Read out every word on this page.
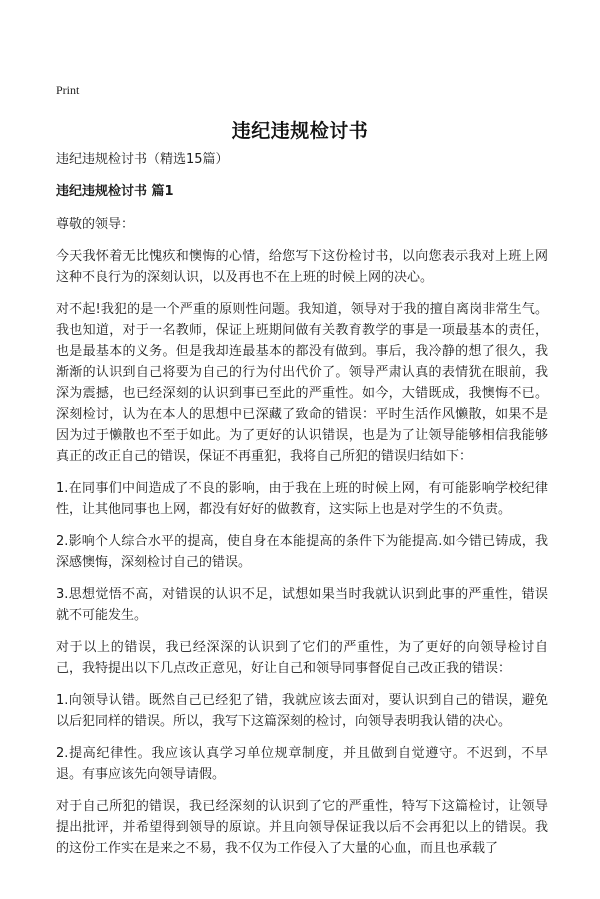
Print
违纪违规检讨书

违纪违规检讨书（精选15篇）

违纪违规检讨书 篇1

尊敬的领导：

今天我怀着无比愧疚和懊悔的心情，给您写下这份检讨书，以向您表示我对上班上网这种不良行为的深刻认识，以及再也不在上班的时候上网的决心。

对不起!我犯的是一个严重的原则性问题。我知道，领导对于我的擅自离岗非常生气。我也知道，对于一名教师，保证上班期间做有关教育教学的事是一项最基本的责任，也是最基本的义务。但是我却连最基本的都没有做到。事后，我冷静的想了很久，我渐渐的认识到自己将要为自己的行为付出代价了。领导严肃认真的表情犹在眼前，我深为震撼，也已经深刻的认识到事已至此的严重性。如今，大错既成，我懊悔不已。深刻检讨，认为在本人的思想中已深藏了致命的错误：平时生活作风懒散，如果不是因为过于懒散也不至于如此。为了更好的认识错误，也是为了让领导能够相信我能够真正的改正自己的错误，保证不再重犯，我将自己所犯的错误归结如下：

1.在同事们中间造成了不良的影响，由于我在上班的时候上网，有可能影响学校纪律性，让其他同事也上网，都没有好好的做教育，这实际上也是对学生的不负责。

2.影响个人综合水平的提高，使自身在本能提高的条件下为能提高.如今错已铸成，我深感懊悔，深刻检讨自己的错误。

3.思想觉悟不高，对错误的认识不足，试想如果当时我就认识到此事的严重性，错误就不可能发生。

对于以上的错误，我已经深深的认识到了它们的严重性，为了更好的向领导检讨自己，我特提出以下几点改正意见，好让自己和领导同事督促自己改正我的错误：

1.向领导认错。既然自己已经犯了错，我就应该去面对，要认识到自己的错误，避免以后犯同样的错误。所以，我写下这篇深刻的检讨，向领导表明我认错的决心。

2.提高纪律性。我应该认真学习单位规章制度，并且做到自觉遵守。不迟到，不早退。有事应该先向领导请假。

对于自己所犯的错误，我已经深刻的认识到了它的严重性，特写下这篇检讨，让领导提出批评，并希望得到领导的原谅。并且向领导保证我以后不会再犯以上的错误。我的这份工作实在是来之不易，我不仅为工作侵入了大量的心血，而且也承载了
